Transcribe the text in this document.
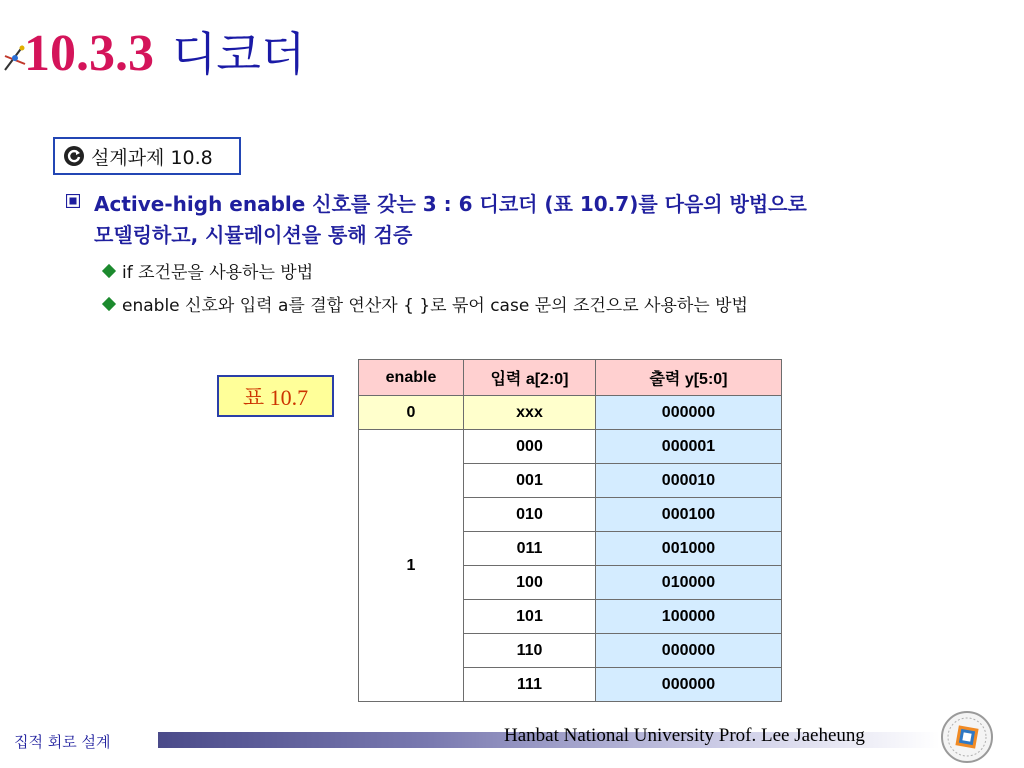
10.3.3 디코더
설계과제 10.8
Active-high enable 신호를 갖는 3 : 6 디코더 (표 10.7)를 다음의 방법으로
모델링하고, 시뮬레이션을 통해 검증
if 조건문을 사용하는 방법
enable 신호와 입력 a를 결합 연산자 { }로 묶어 case 문의 조건으로 사용하는 방법
표 10.7
enable	입력 a[2:0]	출력 y[5:0]
0	xxx	000000
1	000	000001
	001	000010
	010	000100
	011	001000
	100	010000
	101	100000
	110	000000
	111	000000
집적 회로 설계	Hanbat National University Prof. Lee Jaeheung
